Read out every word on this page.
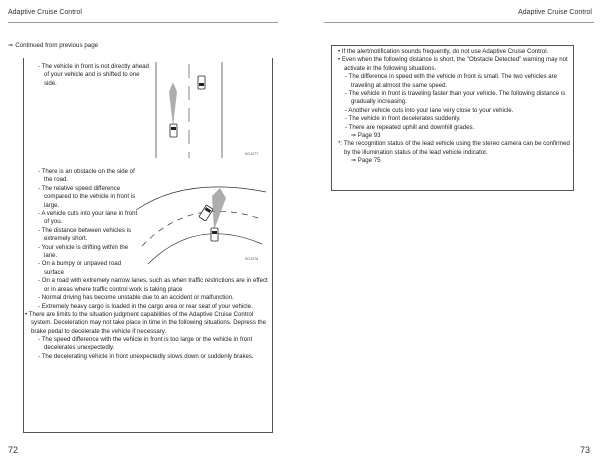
Adaptive Cruise Control	Adaptive Cruise Control
⇒ Continued from previous page
- The vehicle in front is not directly ahead of your vehicle and is shifted to one side.
SO1077
- There is an obstacle on the side of the road.
- The relative speed difference compared to the vehicle in front is large.
- A vehicle cuts into your lane in front of you.
- The distance between vehicles is extremely short.
- Your vehicle is drifting within the lane.
- On a bumpy or unpaved road surface
- On a road with extremely narrow lanes, such as when traffic restrictions are in effect or in areas where traffic control work is taking place
- Normal driving has become unstable due to an accident or malfunction.
- Extremely heavy cargo is loaded in the cargo area or rear seat of your vehicle.
SO1078
• There are limits to the situation judgment capabilities of the Adaptive Cruise Control system. Deceleration may not take place in time in the following situations. Depress the brake pedal to decelerate the vehicle if necessary.
- The speed difference with the vehicle in front is too large or the vehicle in front decelerates unexpectedly.
- The decelerating vehicle in front unexpectedly slows down or suddenly brakes.
• If the alert/notification sounds frequently, do not use Adaptive Cruise Control.
• Even when the following distance is short, the "Obstacle Detected" warning may not activate in the following situations.
- The difference in speed with the vehicle in front is small. The two vehicles are traveling at almost the same speed.
- The vehicle in front is traveling faster than your vehicle. The following distance is gradually increasing.
- Another vehicle cuts into your lane very close to your vehicle.
- The vehicle in front decelerates suddenly.
- There are repeated uphill and downhill grades.
⇒ Page 93
*: The recognition status of the lead vehicle using the stereo camera can be confirmed by the illumination status of the lead vehicle indicator.
⇒ Page 75
72	73
